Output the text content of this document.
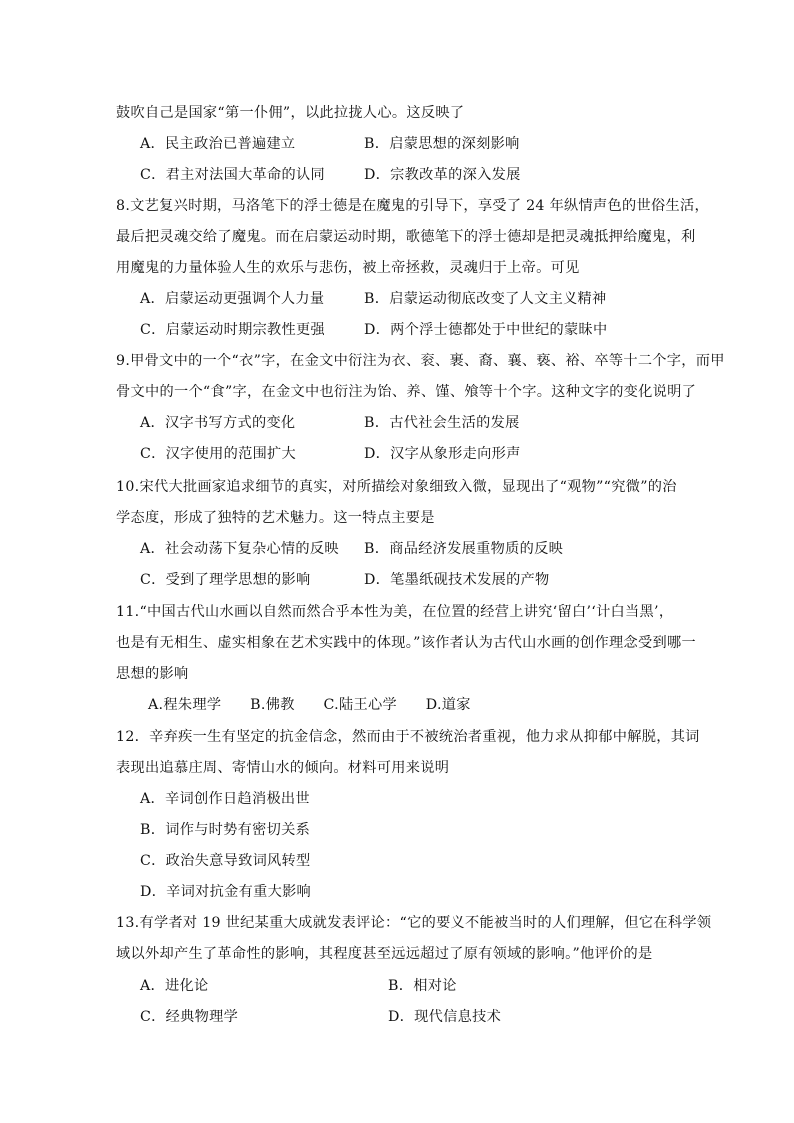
鼓吹自己是国家“第一仆佣”，以此拉拢人心。这反映了
A．民主政治已普遍建立	B．启蒙思想的深刻影响
C．君主对法国大革命的认同	D．宗教改革的深入发展
8.文艺复兴时期，马洛笔下的浮士德是在魔鬼的引导下，享受了 24 年纵情声色的世俗生活，
最后把灵魂交给了魔鬼。而在启蒙运动时期，歌德笔下的浮士德却是把灵魂抵押给魔鬼，利
用魔鬼的力量体验人生的欢乐与悲伤，被上帝拯救，灵魂归于上帝。可见
A．启蒙运动更强调个人力量	B．启蒙运动彻底改变了人文主义精神
C．启蒙运动时期宗教性更强	D．两个浮士德都处于中世纪的蒙昧中
9.甲骨文中的一个“衣”字，在金文中衍注为衣、衮、裹、裔、襄、亵、裕、卒等十二个字，而甲
骨文中的一个“食”字，在金文中也衍注为饴、养、馑、飧等十个字。这种文字的变化说明了
A．汉字书写方式的变化	B．古代社会生活的发展
C．汉字使用的范围扩大	D．汉字从象形走向形声
10.宋代大批画家追求细节的真实，对所描绘对象细致入微，显现出了“观物”“究微”的治
学态度，形成了独特的艺术魅力。这一特点主要是
A．社会动荡下复杂心情的反映 B．商品经济发展重物质的反映
C．受到了理学思想的影响	D．笔墨纸砚技术发展的产物
11.“中国古代山水画以自然而然合乎本性为美，在位置的经营上讲究‘留白’‘计白当黑’，
也是有无相生、虚实相象在艺术实践中的体现。”该作者认为古代山水画的创作理念受到哪一
思想的影响
A.程朱理学      B.佛教      C.陆王心学      D.道家
12．辛弃疾一生有坚定的抗金信念，然而由于不被统治者重视，他力求从抑郁中解脱，其词
表现出追慕庄周、寄情山水的倾向。材料可用来说明
A．辛词创作日趋消极出世
B．词作与时势有密切关系
C．政治失意导致词风转型
D．辛词对抗金有重大影响
13.有学者对 19 世纪某重大成就发表评论：“它的要义不能被当时的人们理解，但它在科学领
域以外却产生了革命性的影响，其程度甚至远远超过了原有领域的影响。”他评价的是
A．进化论	B．相对论
C．经典物理学	D．现代信息技术
